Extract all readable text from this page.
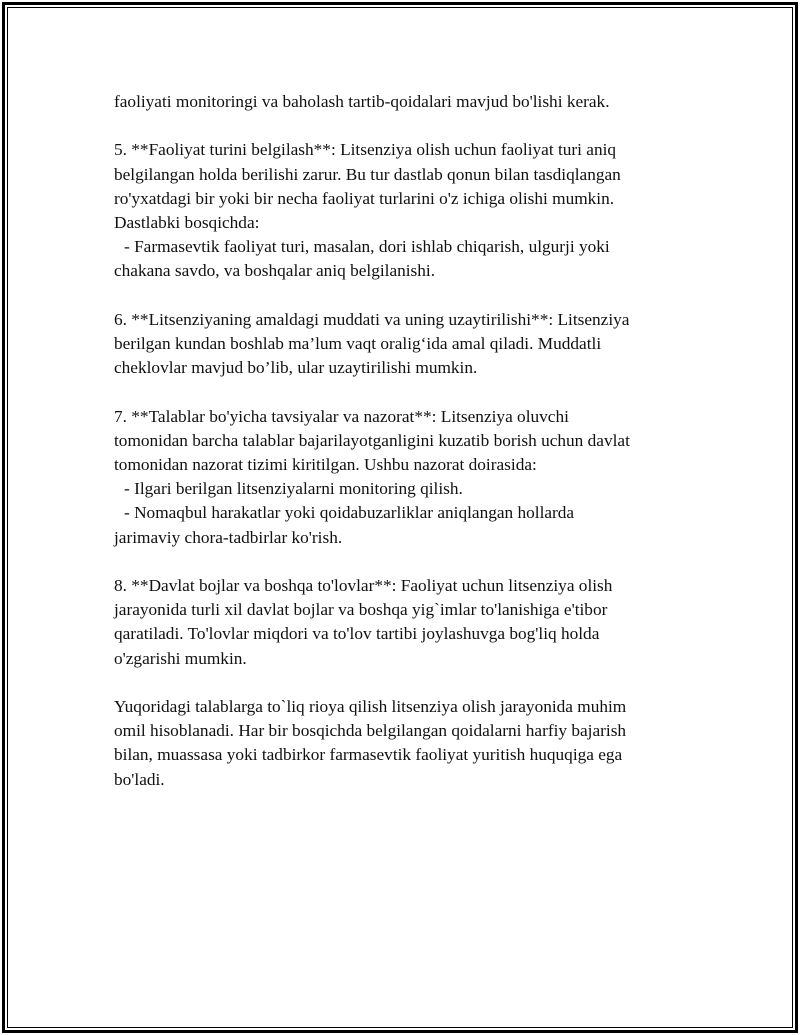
faoliyati monitoringi va baholash tartib-qoidalari mavjud bo'lishi kerak.

5. **Faoliyat turini belgilash**: Litsenziya olish uchun faoliyat turi aniq
belgilangan holda berilishi zarur. Bu tur dastlab qonun bilan tasdiqlangan
ro'yxatdagi bir yoki bir necha faoliyat turlarini o'z ichiga olishi mumkin.
Dastlabki bosqichda:
- Farmasevtik faoliyat turi, masalan, dori ishlab chiqarish, ulgurji yoki
chakana savdo, va boshqalar aniq belgilanishi.

6. **Litsenziyaning amaldagi muddati va uning uzaytirilishi**: Litsenziya
berilgan kundan boshlab ma’lum vaqt oralig‘ida amal qiladi. Muddatli
cheklovlar mavjud bo’lib, ular uzaytirilishi mumkin.

7. **Talablar bo'yicha tavsiyalar va nazorat**: Litsenziya oluvchi
tomonidan barcha talablar bajarilayotganligini kuzatib borish uchun davlat
tomonidan nazorat tizimi kiritilgan. Ushbu nazorat doirasida:
- Ilgari berilgan litsenziyalarni monitoring qilish.
- Nomaqbul harakatlar yoki qoidabuzarliklar aniqlangan hollarda
jarimaviy chora-tadbirlar ko'rish.

8. **Davlat bojlar va boshqa to'lovlar**: Faoliyat uchun litsenziya olish
jarayonida turli xil davlat bojlar va boshqa yig`imlar to'lanishiga e'tibor
qaratiladi. To'lovlar miqdori va to'lov tartibi joylashuvga bog'liq holda
o'zgarishi mumkin.

Yuqoridagi talablarga to`liq rioya qilish litsenziya olish jarayonida muhim
omil hisoblanadi. Har bir bosqichda belgilangan qoidalarni harfiy bajarish
bilan, muassasa yoki tadbirkor farmasevtik faoliyat yuritish huquqiga ega
bo'ladi.
